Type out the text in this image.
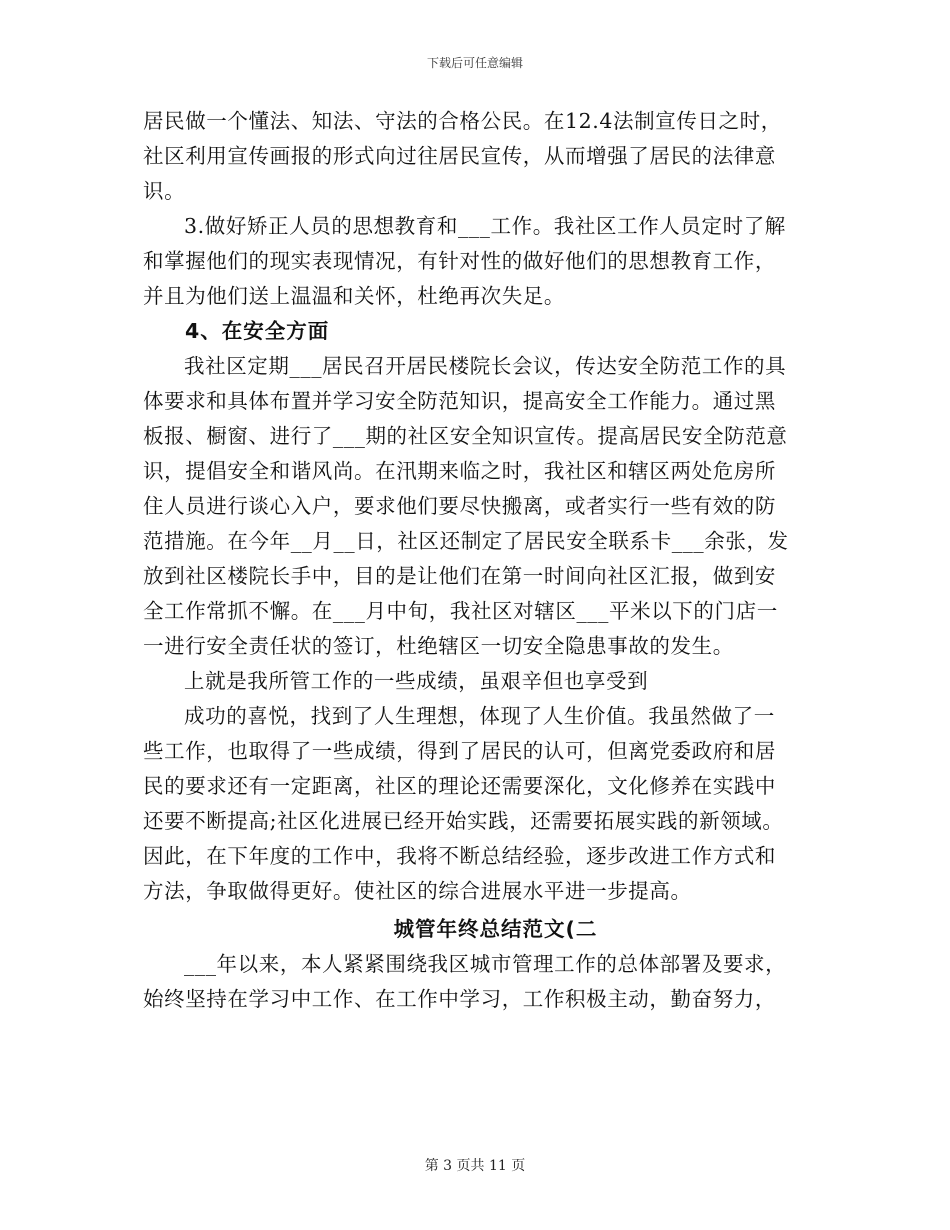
下载后可任意编辑
居民做一个懂法、知法、守法的合格公民。在12.4法制宣传日之时，
社区利用宣传画报的形式向过往居民宣传，从而增强了居民的法律意
识。
3.做好矫正人员的思想教育和___工作。我社区工作人员定时了解
和掌握他们的现实表现情况，有针对性的做好他们的思想教育工作，
并且为他们送上温温和关怀，杜绝再次失足。
4、在安全方面
我社区定期___居民召开居民楼院长会议，传达安全防范工作的具
体要求和具体布置并学习安全防范知识，提高安全工作能力。通过黑
板报、橱窗、进行了___期的社区安全知识宣传。提高居民安全防范意
识，提倡安全和谐风尚。在汛期来临之时，我社区和辖区两处危房所
住人员进行谈心入户，要求他们要尽快搬离，或者实行一些有效的防
范措施。在今年__月__日，社区还制定了居民安全联系卡___余张，发
放到社区楼院长手中，目的是让他们在第一时间向社区汇报，做到安
全工作常抓不懈。在___月中旬，我社区对辖区___平米以下的门店一
一进行安全责任状的签订，杜绝辖区一切安全隐患事故的发生。
上就是我所管工作的一些成绩，虽艰辛但也享受到
成功的喜悦，找到了人生理想，体现了人生价值。我虽然做了一
些工作，也取得了一些成绩，得到了居民的认可，但离党委政府和居
民的要求还有一定距离，社区的理论还需要深化，文化修养在实践中
还要不断提高;社区化进展已经开始实践，还需要拓展实践的新领域。
因此，在下年度的工作中，我将不断总结经验，逐步改进工作方式和
方法，争取做得更好。使社区的综合进展水平进一步提高。
城管年终总结范文(二
___年以来，本人紧紧围绕我区城市管理工作的总体部署及要求，
始终坚持在学习中工作、在工作中学习，工作积极主动，勤奋努力，
第 3 页共 11 页
